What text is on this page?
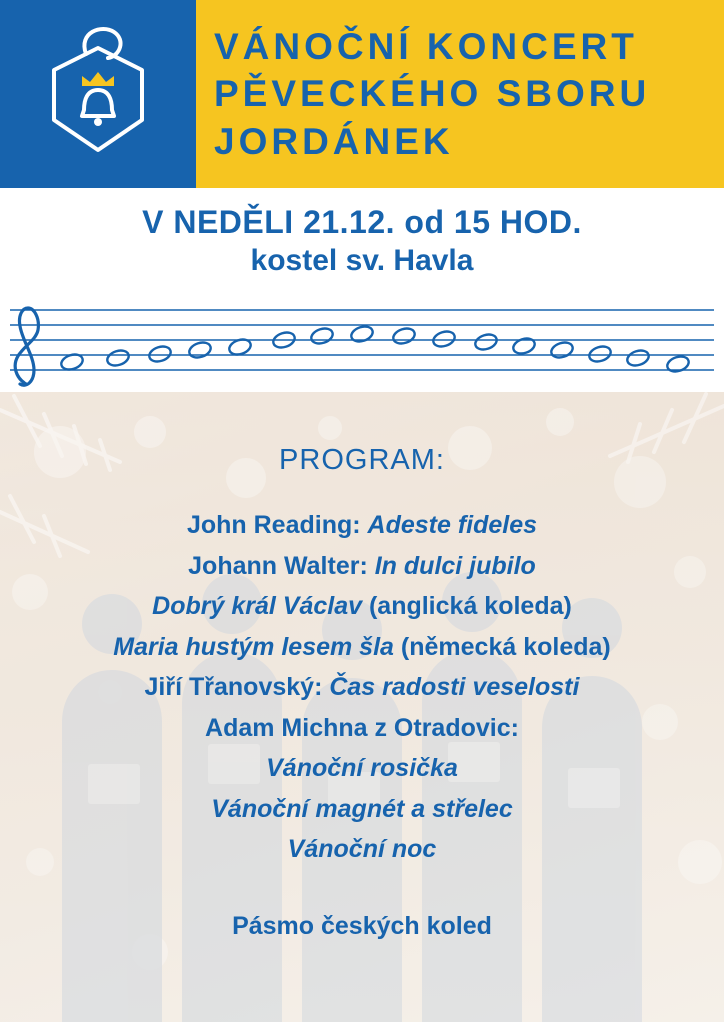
VÁNOČNÍ KONCERT
PĚVECKÉHO SBORU
JORDÁNEK
V NEDĚLI 21.12. od 15 HOD.
kostel sv. Havla
PROGRAM:
John Reading: Adeste fideles
Johann Walter: In dulci jubilo
Dobrý král Václav (anglická koleda)
Maria hustým lesem šla (německá koleda)
Jiří Třanovský: Čas radosti veselosti
Adam Michna z Otradovic:
Vánoční rosička
Vánoční magnét a střelec
Vánoční noc
Pásmo českých koled
